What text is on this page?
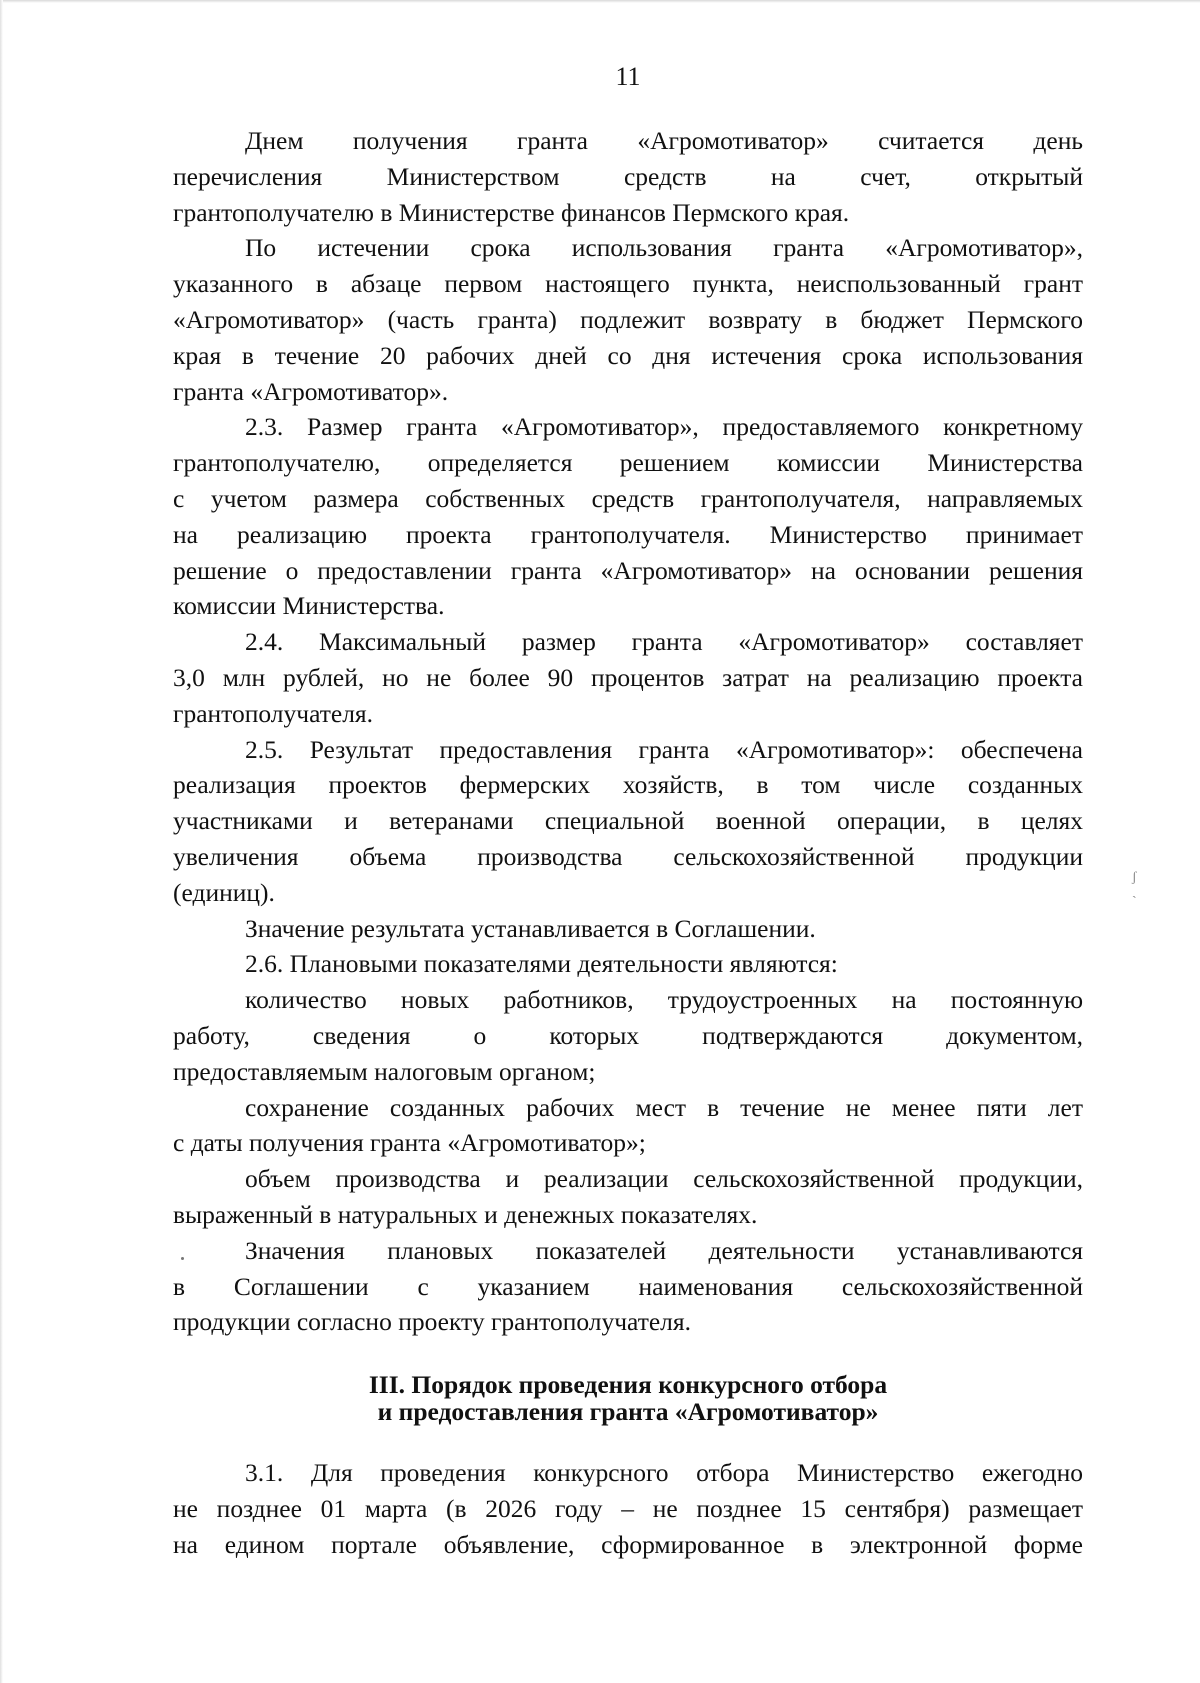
11
Днем получения гранта «Агромотиватор» считается день
перечисления Министерством средств на счет, открытый
грантополучателю в Министерстве финансов Пермского края.
По истечении срока использования гранта «Агромотиватор»,
указанного в абзаце первом настоящего пункта, неиспользованный грант
«Агромотиватор» (часть гранта) подлежит возврату в бюджет Пермского
края в течение 20 рабочих дней со дня истечения срока использования
гранта «Агромотиватор».
2.3. Размер гранта «Агромотиватор», предоставляемого конкретному
грантополучателю, определяется решением комиссии Министерства
с учетом размера собственных средств грантополучателя, направляемых
на реализацию проекта грантополучателя. Министерство принимает
решение о предоставлении гранта «Агромотиватор» на основании решения
комиссии Министерства.
2.4. Максимальный размер гранта «Агромотиватор» составляет
3,0 млн рублей, но не более 90 процентов затрат на реализацию проекта
грантополучателя.
2.5. Результат предоставления гранта «Агромотиватор»: обеспечена
реализация проектов фермерских хозяйств, в том числе созданных
участниками и ветеранами специальной военной операции, в целях
увеличения объема производства сельскохозяйственной продукции
(единиц).
Значение результата устанавливается в Соглашении.
2.6. Плановыми показателями деятельности являются:
количество новых работников, трудоустроенных на постоянную
работу, сведения о которых подтверждаются документом,
предоставляемым налоговым органом;
сохранение созданных рабочих мест в течение не менее пяти лет
с даты получения гранта «Агромотиватор»;
объем производства и реализации сельскохозяйственной продукции,
выраженный в натуральных и денежных показателях.
Значения плановых показателей деятельности устанавливаются
в Соглашении с указанием наименования сельскохозяйственной
продукции согласно проекту грантополучателя.
III. Порядок проведения конкурсного отбора
и предоставления гранта «Агромотиватор»
3.1. Для проведения конкурсного отбора Министерство ежегодно
не позднее 01 марта (в 2026 году – не позднее 15 сентября) размещает
на едином портале объявление, сформированное в электронной форме
ʃ
ˏ
